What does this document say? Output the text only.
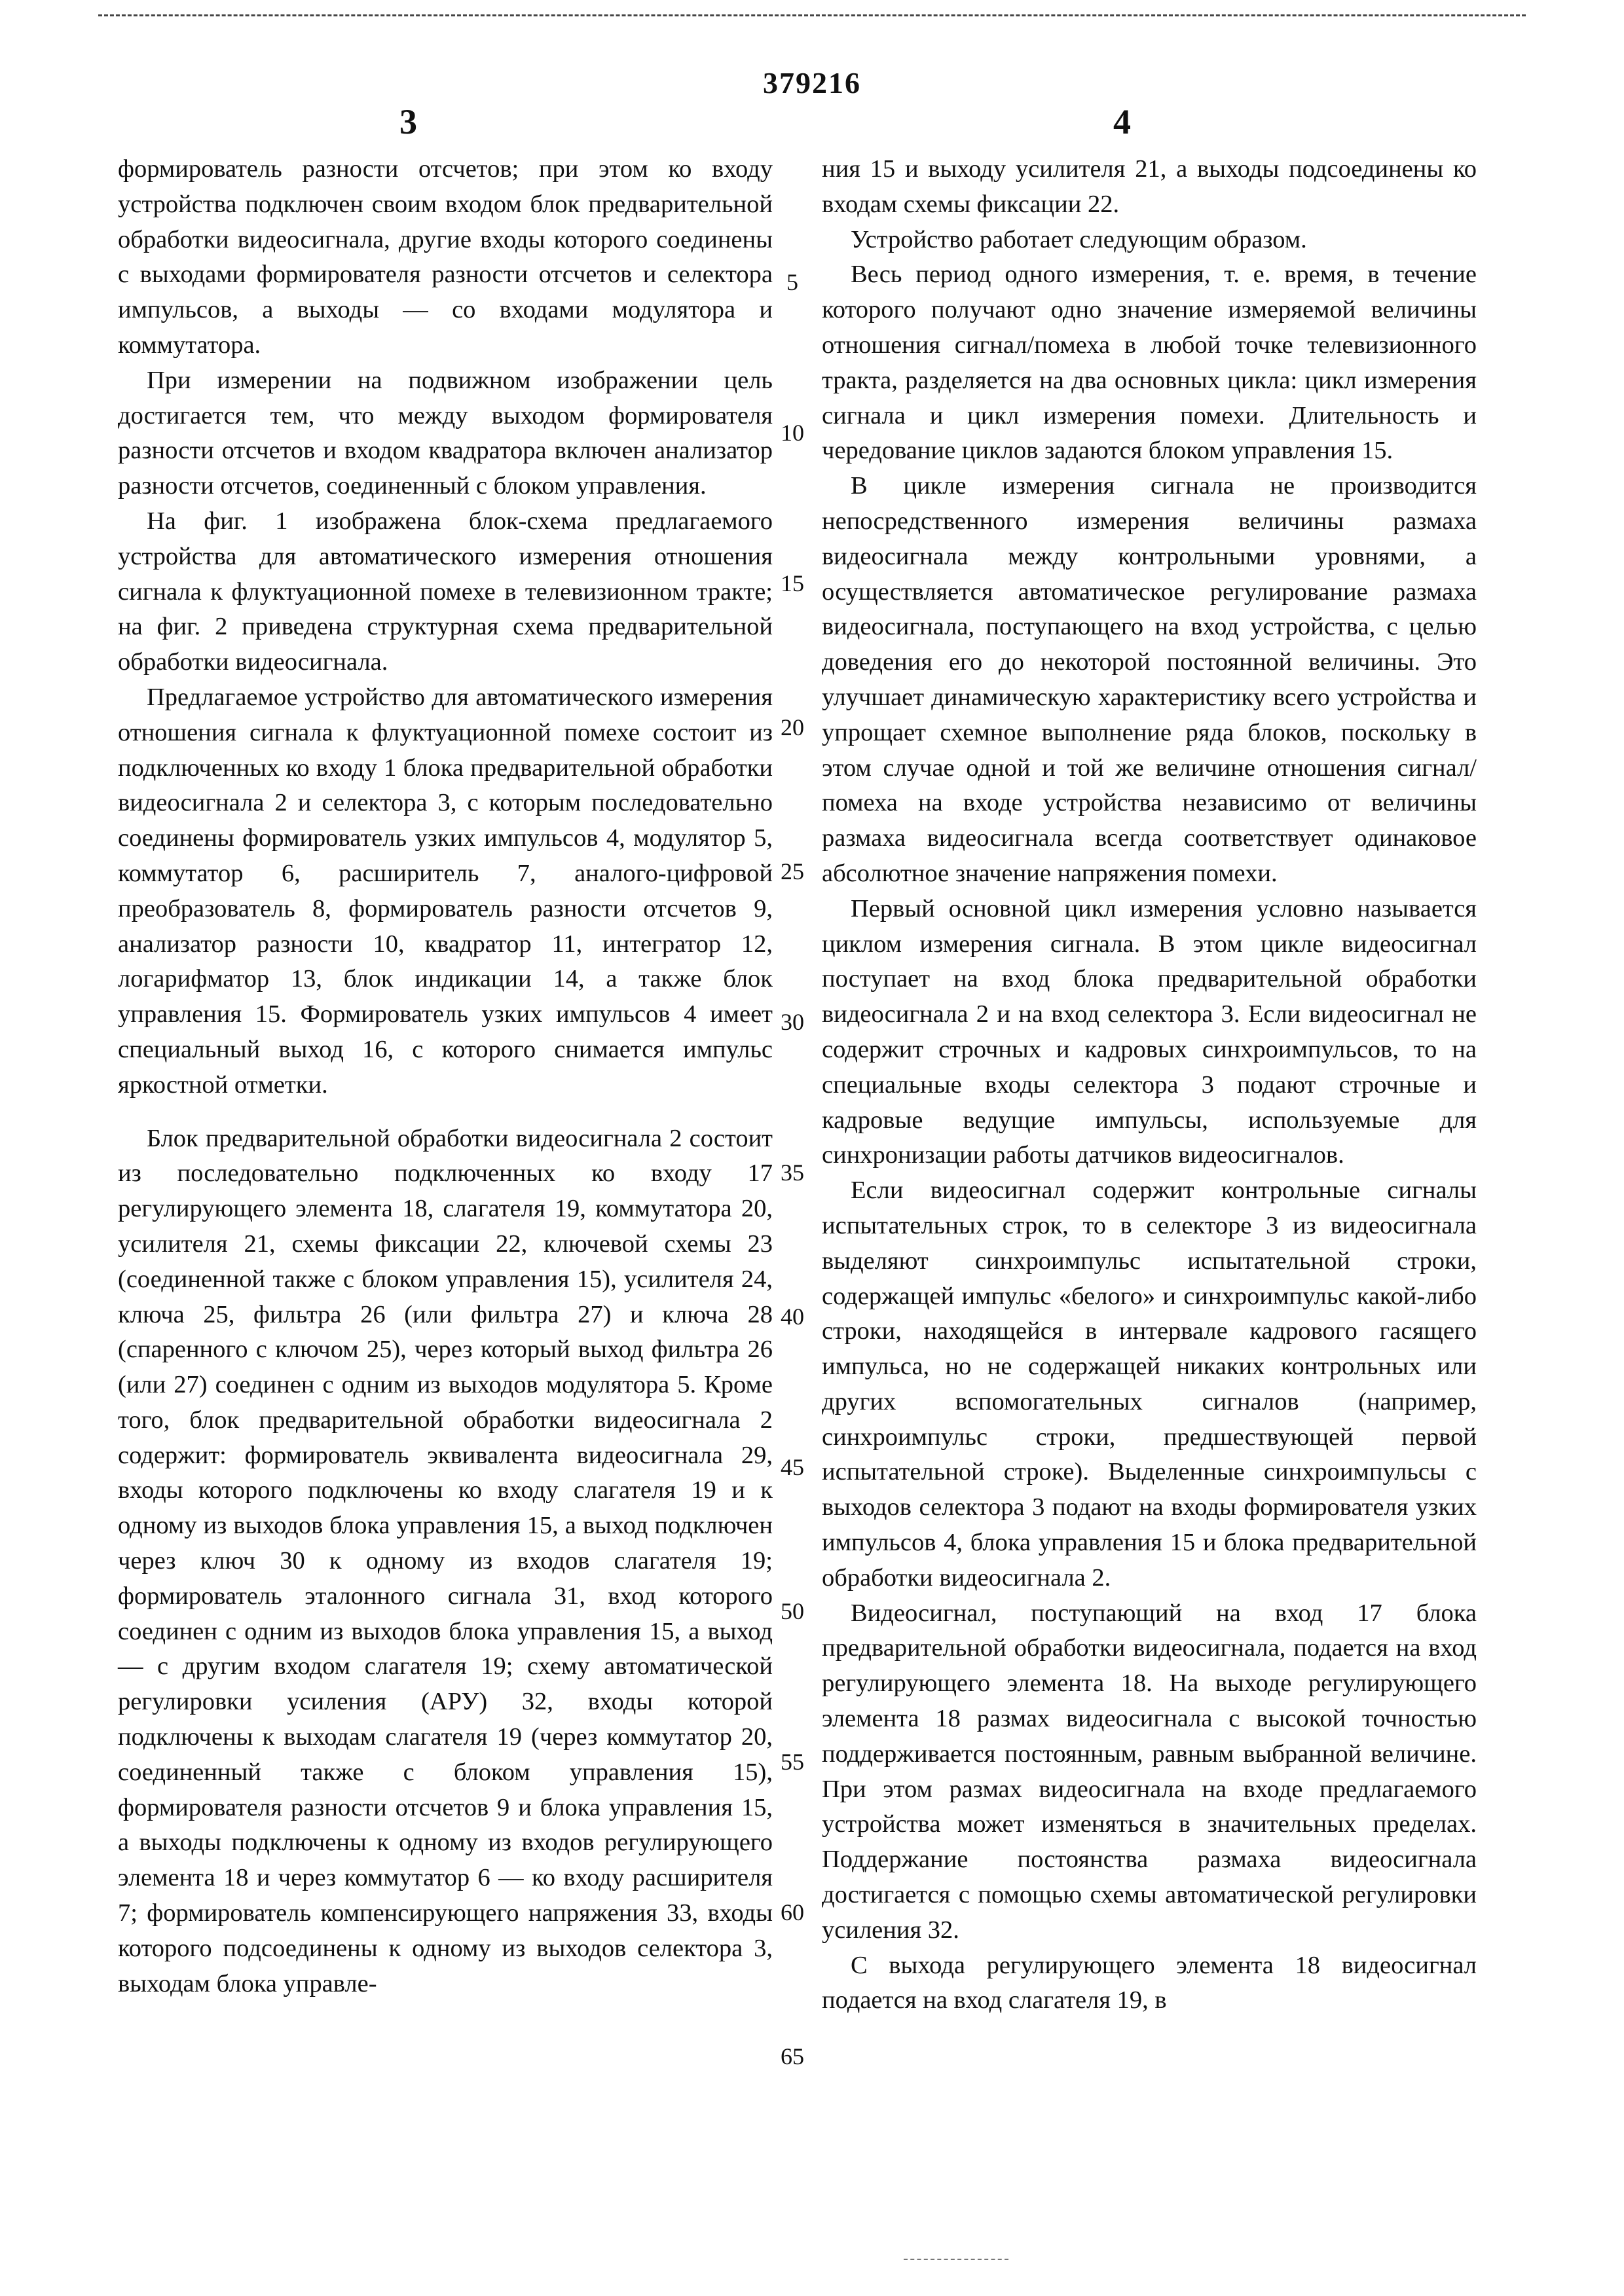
379216
3	4

формирователь разности отсчетов; при этом ко входу устройства подключен своим входом блок предварительной обработки видеосигнала, другие входы которого соединены с выходами формирователя разности отсчетов и селектора импульсов, а выходы — со входами модулятора и коммутатора.

При измерении на подвижном изображении цель достигается тем, что между выходом формирователя разности отсчетов и входом квадратора включен анализатор разности отсчетов, соединенный с блоком управления.

На фиг. 1 изображена блок-схема предлагаемого устройства для автоматического измерения отношения сигнала к флуктуационной помехе в телевизионном тракте; на фиг. 2 приведена структурная схема предварительной обработки видеосигнала.

Предлагаемое устройство для автоматического измерения отношения сигнала к флуктуационной помехе состоит из подключенных ко входу 1 блока предварительной обработки видеосигнала 2 и селектора 3, с которым последовательно соединены формирователь узких импульсов 4, модулятор 5, коммутатор 6, расширитель 7, аналого-цифровой преобразователь 8, формирователь разности отсчетов 9, анализатор разности 10, квадратор 11, интегратор 12, логарифматор 13, блок индикации 14, а также блок управления 15. Формирователь узких импульсов 4 имеет специальный выход 16, с которого снимается импульс яркостной отметки.

Блок предварительной обработки видеосигнала 2 состоит из последовательно подключенных ко входу 17 регулирующего элемента 18, слагателя 19, коммутатора 20, усилителя 21, схемы фиксации 22, ключевой схемы 23 (соединенной также с блоком управления 15), усилителя 24, ключа 25, фильтра 26 (или фильтра 27) и ключа 28 (спаренного с ключом 25), через который выход фильтра 26 (или 27) соединен с одним из выходов модулятора 5. Кроме того, блок предварительной обработки видеосигнала 2 содержит: формирователь эквивалента видеосигнала 29, входы которого подключены ко входу слагателя 19 и к одному из выходов блока управления 15, а выход подключен через ключ 30 к одному из входов слагателя 19; формирователь эталонного сигнала 31, вход которого соединен с одним из выходов блока управления 15, а выход — с другим входом слагателя 19; схему автоматической регулировки усиления (АРУ) 32, входы которой подключены к выходам слагателя 19 (через коммутатор 20, соединенный также с блоком управления 15), формирователя разности отсчетов 9 и блока управления 15, а выходы подключены к одному из входов регулирующего элемента 18 и через коммутатор 6 — ко входу расширителя 7; формирователь компенсирующего напряжения 33, входы которого подсоединены к одному из выходов селектора 3, выходам блока управле-

ния 15 и выходу усилителя 21, а выходы подсоединены ко входам схемы фиксации 22.

Устройство работает следующим образом.

Весь период одного измерения, т. е. время, в течение которого получают одно значение измеряемой величины отношения сигнал/помеха в любой точке телевизионного тракта, разделяется на два основных цикла: цикл измерения сигнала и цикл измерения помехи. Длительность и чередование циклов задаются блоком управления 15.

В цикле измерения сигнала не производится непосредственного измерения величины размаха видеосигнала между контрольными уровнями, а осуществляется автоматическое регулирование размаха видеосигнала, поступающего на вход устройства, с целью доведения его до некоторой постоянной величины. Это улучшает динамическую характеристику всего устройства и упрощает схемное выполнение ряда блоков, поскольку в этом случае одной и той же величине отношения сигнал/помеха на входе устройства независимо от величины размаха видеосигнала всегда соответствует одинаковое абсолютное значение напряжения помехи.

Первый основной цикл измерения условно называется циклом измерения сигнала. В этом цикле видеосигнал поступает на вход блока предварительной обработки видеосигнала 2 и на вход селектора 3. Если видеосигнал не содержит строчных и кадровых синхроимпульсов, то на специальные входы селектора 3 подают строчные и кадровые ведущие импульсы, используемые для синхронизации работы датчиков видеосигналов.

Если видеосигнал содержит контрольные сигналы испытательных строк, то в селекторе 3 из видеосигнала выделяют синхроимпульс испытательной строки, содержащей импульс «белого» и синхроимпульс какой-либо строки, находящейся в интервале кадрового гасящего импульса, но не содержащей никаких контрольных или других вспомогательных сигналов (например, синхроимпульс строки, предшествующей первой испытательной строке). Выделенные синхроимпульсы с выходов селектора 3 подают на входы формирователя узких импульсов 4, блока управления 15 и блока предварительной обработки видеосигнала 2.

Видеосигнал, поступающий на вход 17 блока предварительной обработки видеосигнала, подается на вход регулирующего элемента 18. На выходе регулирующего элемента 18 размах видеосигнала с высокой точностью поддерживается постоянным, равным выбранной величине. При этом размах видеосигнала на входе предлагаемого устройства может изменяться в значительных пределах. Поддержание постоянства размаха видеосигнала достигается с помощью схемы автоматической регулировки усиления 32.

С выхода регулирующего элемента 18 видеосигнал подается на вход слагателя 19, в

5
10
15
20
25
30
35
40
45
50
55
60
65
